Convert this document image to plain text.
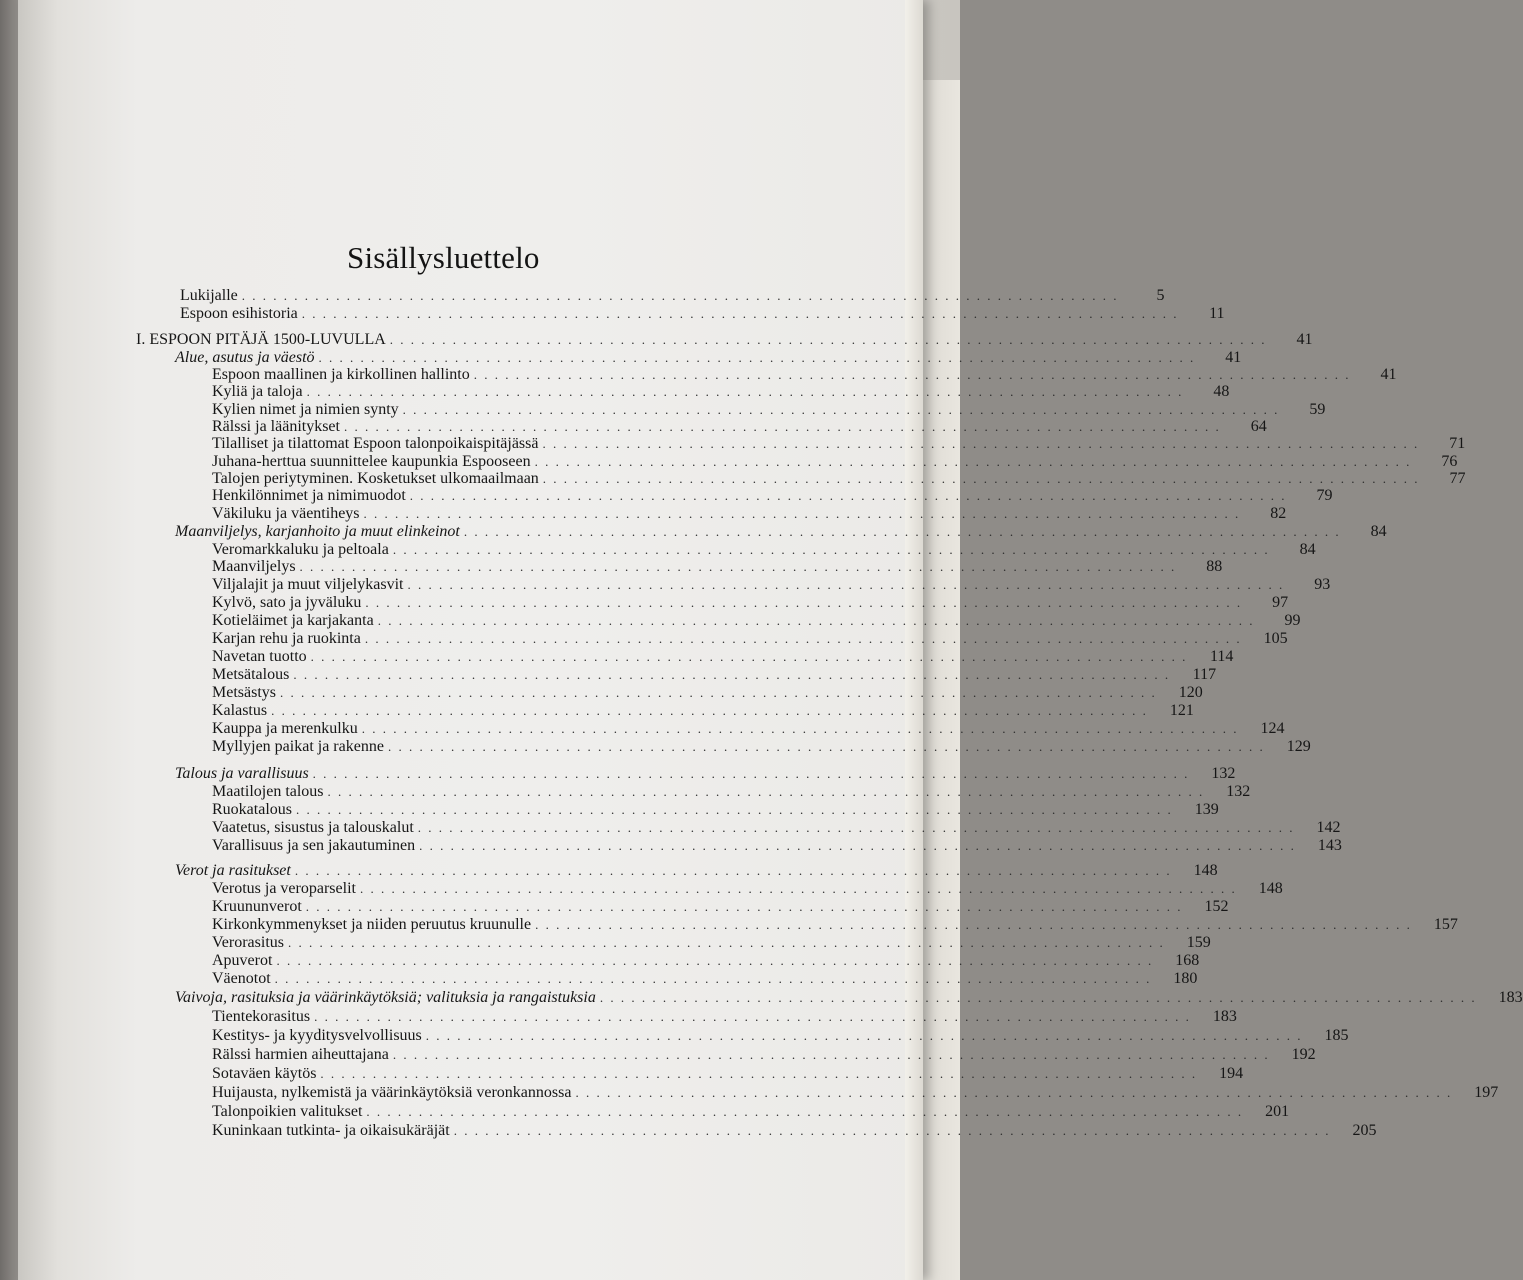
Sisällysluettelo
Lukijalle . . . . . . . . . . . . . . . . . . . . . . . . . . . . . . . . . . . . . . . . . . . . . . . . . . . . . . . . . . . . . . . . . . . . . . . . . . . . . . . . . . . .	5
Espoon esihistoria . . . . . . . . . . . . . . . . . . . . . . . . . . . . . . . . . . . . . . . . . . . . . . . . . . . . . . . . . . . . . . . . . . . . . . . . . . . . . . . . . . . .	11
I. ESPOON PITÄJÄ 1500-LUVULLA . . . . . . . . . . . . . . . . . . . . . . . . . . . . . . . . . . . . . . . . . . . . . . . . . . . . . . . . . . . . . . . . . . . . . . . . . . . . . . . . . . . .	41
Alue, asutus ja väestö . . . . . . . . . . . . . . . . . . . . . . . . . . . . . . . . . . . . . . . . . . . . . . . . . . . . . . . . . . . . . . . . . . . . . . . . . . . . . . . . . . . .	41
Espoon maallinen ja kirkollinen hallinto . . . . . . . . . . . . . . . . . . . . . . . . . . . . . . . . . . . . . . . . . . . . . . . . . . . . . . . . . . . . . . . . . . . . . . . . . . . . . . . . . . . .	41
Kyliä ja taloja . . . . . . . . . . . . . . . . . . . . . . . . . . . . . . . . . . . . . . . . . . . . . . . . . . . . . . . . . . . . . . . . . . . . . . . . . . . . . . . . . . . .	48
Kylien nimet ja nimien synty . . . . . . . . . . . . . . . . . . . . . . . . . . . . . . . . . . . . . . . . . . . . . . . . . . . . . . . . . . . . . . . . . . . . . . . . . . . . . . . . . . . .	59
Rälssi ja läänitykset . . . . . . . . . . . . . . . . . . . . . . . . . . . . . . . . . . . . . . . . . . . . . . . . . . . . . . . . . . . . . . . . . . . . . . . . . . . . . . . . . . . .	64
Tilalliset ja tilattomat Espoon talonpoikaispitäjässä . . . . . . . . . . . . . . . . . . . . . . . . . . . . . . . . . . . . . . . . . . . . . . . . . . . . . . . . . . . . . . . . . . . . . . . . . . . . . . . . . . . .	71
Juhana-herttua suunnittelee kaupunkia Espooseen . . . . . . . . . . . . . . . . . . . . . . . . . . . . . . . . . . . . . . . . . . . . . . . . . . . . . . . . . . . . . . . . . . . . . . . . . . . . . . . . . . . .	76
Talojen periytyminen. Kosketukset ulkomaailmaan . . . . . . . . . . . . . . . . . . . . . . . . . . . . . . . . . . . . . . . . . . . . . . . . . . . . . . . . . . . . . . . . . . . . . . . . . . . . . . . . . . . .	77
Henkilönnimet ja nimimuodot . . . . . . . . . . . . . . . . . . . . . . . . . . . . . . . . . . . . . . . . . . . . . . . . . . . . . . . . . . . . . . . . . . . . . . . . . . . . . . . . . . . .	79
Väkiluku ja väentiheys . . . . . . . . . . . . . . . . . . . . . . . . . . . . . . . . . . . . . . . . . . . . . . . . . . . . . . . . . . . . . . . . . . . . . . . . . . . . . . . . . . . .	82
Maanviljelys, karjanhoito ja muut elinkeinot . . . . . . . . . . . . . . . . . . . . . . . . . . . . . . . . . . . . . . . . . . . . . . . . . . . . . . . . . . . . . . . . . . . . . . . . . . . . . . . . . . . .	84
Veromarkkaluku ja peltoala . . . . . . . . . . . . . . . . . . . . . . . . . . . . . . . . . . . . . . . . . . . . . . . . . . . . . . . . . . . . . . . . . . . . . . . . . . . . . . . . . . . .	84
Maanviljelys . . . . . . . . . . . . . . . . . . . . . . . . . . . . . . . . . . . . . . . . . . . . . . . . . . . . . . . . . . . . . . . . . . . . . . . . . . . . . . . . . . . .	88
Viljalajit ja muut viljelykasvit . . . . . . . . . . . . . . . . . . . . . . . . . . . . . . . . . . . . . . . . . . . . . . . . . . . . . . . . . . . . . . . . . . . . . . . . . . . . . . . . . . . .	93
Kylvö, sato ja jyväluku . . . . . . . . . . . . . . . . . . . . . . . . . . . . . . . . . . . . . . . . . . . . . . . . . . . . . . . . . . . . . . . . . . . . . . . . . . . . . . . . . . . .	97
Kotieläimet ja karjakanta . . . . . . . . . . . . . . . . . . . . . . . . . . . . . . . . . . . . . . . . . . . . . . . . . . . . . . . . . . . . . . . . . . . . . . . . . . . . . . . . . . . .	99
Karjan rehu ja ruokinta . . . . . . . . . . . . . . . . . . . . . . . . . . . . . . . . . . . . . . . . . . . . . . . . . . . . . . . . . . . . . . . . . . . . . . . . . . . . . . . . . . . .	105
Navetan tuotto . . . . . . . . . . . . . . . . . . . . . . . . . . . . . . . . . . . . . . . . . . . . . . . . . . . . . . . . . . . . . . . . . . . . . . . . . . . . . . . . . . . .	114
Metsätalous . . . . . . . . . . . . . . . . . . . . . . . . . . . . . . . . . . . . . . . . . . . . . . . . . . . . . . . . . . . . . . . . . . . . . . . . . . . . . . . . . . . .	117
Metsästys . . . . . . . . . . . . . . . . . . . . . . . . . . . . . . . . . . . . . . . . . . . . . . . . . . . . . . . . . . . . . . . . . . . . . . . . . . . . . . . . . . . .	120
Kalastus . . . . . . . . . . . . . . . . . . . . . . . . . . . . . . . . . . . . . . . . . . . . . . . . . . . . . . . . . . . . . . . . . . . . . . . . . . . . . . . . . . . .	121
Kauppa ja merenkulku . . . . . . . . . . . . . . . . . . . . . . . . . . . . . . . . . . . . . . . . . . . . . . . . . . . . . . . . . . . . . . . . . . . . . . . . . . . . . . . . . . . .	124
Myllyjen paikat ja rakenne . . . . . . . . . . . . . . . . . . . . . . . . . . . . . . . . . . . . . . . . . . . . . . . . . . . . . . . . . . . . . . . . . . . . . . . . . . . . . . . . . . . .	129
Talous ja varallisuus . . . . . . . . . . . . . . . . . . . . . . . . . . . . . . . . . . . . . . . . . . . . . . . . . . . . . . . . . . . . . . . . . . . . . . . . . . . . . . . . . . . .	132
Maatilojen talous . . . . . . . . . . . . . . . . . . . . . . . . . . . . . . . . . . . . . . . . . . . . . . . . . . . . . . . . . . . . . . . . . . . . . . . . . . . . . . . . . . . .	132
Ruokatalous . . . . . . . . . . . . . . . . . . . . . . . . . . . . . . . . . . . . . . . . . . . . . . . . . . . . . . . . . . . . . . . . . . . . . . . . . . . . . . . . . . . .	139
Vaatetus, sisustus ja talouskalut . . . . . . . . . . . . . . . . . . . . . . . . . . . . . . . . . . . . . . . . . . . . . . . . . . . . . . . . . . . . . . . . . . . . . . . . . . . . . . . . . . . .	142
Varallisuus ja sen jakautuminen . . . . . . . . . . . . . . . . . . . . . . . . . . . . . . . . . . . . . . . . . . . . . . . . . . . . . . . . . . . . . . . . . . . . . . . . . . . . . . . . . . . .	143
Verot ja rasitukset . . . . . . . . . . . . . . . . . . . . . . . . . . . . . . . . . . . . . . . . . . . . . . . . . . . . . . . . . . . . . . . . . . . . . . . . . . . . . . . . . . . .	148
Verotus ja veroparselit . . . . . . . . . . . . . . . . . . . . . . . . . . . . . . . . . . . . . . . . . . . . . . . . . . . . . . . . . . . . . . . . . . . . . . . . . . . . . . . . . . . .	148
Kruununverot . . . . . . . . . . . . . . . . . . . . . . . . . . . . . . . . . . . . . . . . . . . . . . . . . . . . . . . . . . . . . . . . . . . . . . . . . . . . . . . . . . . .	152
Kirkonkymmenykset ja niiden peruutus kruunulle . . . . . . . . . . . . . . . . . . . . . . . . . . . . . . . . . . . . . . . . . . . . . . . . . . . . . . . . . . . . . . . . . . . . . . . . . . . . . . . . . . . .	157
Verorasitus . . . . . . . . . . . . . . . . . . . . . . . . . . . . . . . . . . . . . . . . . . . . . . . . . . . . . . . . . . . . . . . . . . . . . . . . . . . . . . . . . . . .	159
Apuverot . . . . . . . . . . . . . . . . . . . . . . . . . . . . . . . . . . . . . . . . . . . . . . . . . . . . . . . . . . . . . . . . . . . . . . . . . . . . . . . . . . . .	168
Väenotot . . . . . . . . . . . . . . . . . . . . . . . . . . . . . . . . . . . . . . . . . . . . . . . . . . . . . . . . . . . . . . . . . . . . . . . . . . . . . . . . . . . .	180
Vaivoja, rasituksia ja väärinkäytöksiä; valituksia ja rangaistuksia . . . . . . . . . . . . . . . . . . . . . . . . . . . . . . . . . . . . . . . . . . . . . . . . . . . . . . . . . . . . . . . . . . . . . . . . . . . . . . . . . . . .	183
Tientekorasitus . . . . . . . . . . . . . . . . . . . . . . . . . . . . . . . . . . . . . . . . . . . . . . . . . . . . . . . . . . . . . . . . . . . . . . . . . . . . . . . . . . . .	183
Kestitys- ja kyyditysvelvollisuus . . . . . . . . . . . . . . . . . . . . . . . . . . . . . . . . . . . . . . . . . . . . . . . . . . . . . . . . . . . . . . . . . . . . . . . . . . . . . . . . . . . .	185
Rälssi harmien aiheuttajana . . . . . . . . . . . . . . . . . . . . . . . . . . . . . . . . . . . . . . . . . . . . . . . . . . . . . . . . . . . . . . . . . . . . . . . . . . . . . . . . . . . .	192
Sotaväen käytös . . . . . . . . . . . . . . . . . . . . . . . . . . . . . . . . . . . . . . . . . . . . . . . . . . . . . . . . . . . . . . . . . . . . . . . . . . . . . . . . . . . .	194
Huijausta, nylkemistä ja väärinkäytöksiä veronkannossa . . . . . . . . . . . . . . . . . . . . . . . . . . . . . . . . . . . . . . . . . . . . . . . . . . . . . . . . . . . . . . . . . . . . . . . . . . . . . . . . . . . .	197
Talonpoikien valitukset . . . . . . . . . . . . . . . . . . . . . . . . . . . . . . . . . . . . . . . . . . . . . . . . . . . . . . . . . . . . . . . . . . . . . . . . . . . . . . . . . . . .	201
Kuninkaan tutkinta- ja oikaisukäräjät . . . . . . . . . . . . . . . . . . . . . . . . . . . . . . . . . . . . . . . . . . . . . . . . . . . . . . . . . . . . . . . . . . . . . . . . . . . . . . . . . . . .	205
